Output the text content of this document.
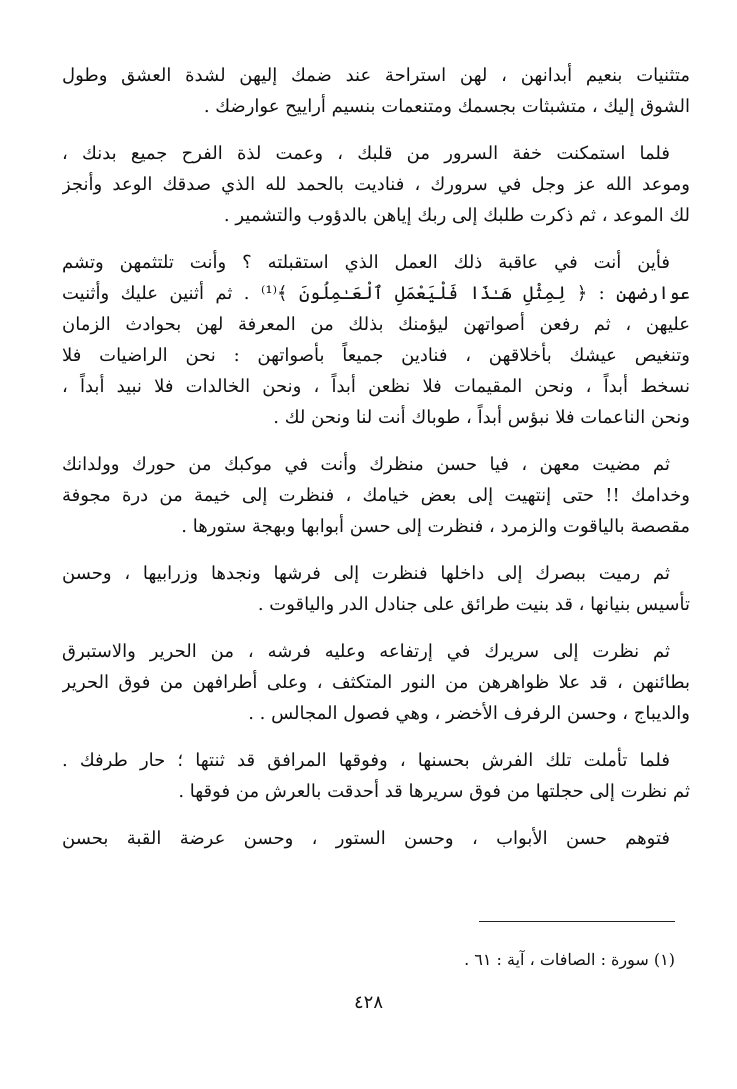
متثنيات بنعيم أبدانهن ، لهن استراحة عند ضمك إليهن لشدة العشق وطول
الشوق إليك ، متشبثات بجسمك ومتنعمات بنسيم أراييح عوارضك .
فلما استمكنت خفة السرور من قلبك ، وعمت لذة الفرح جميع بدنك ،
وموعد الله عز وجل في سرورك ، فناديت بالحمد لله الذي صدقك الوعد وأنجز
لك الموعد ، ثم ذكرت طلبك إلى ربك إياهن بالدؤوب والتشمير .
فأين أنت في عاقبة ذلك العمل الذي استقبلته ؟ وأنت تلتثمهن وتشم
عوارضهن : ﴿ لِمِثْلِ هَـٰذَا فَلْيَعْمَلِ ٱلْعَـٰمِلُونَ ﴾⁽¹⁾ . ثم أثنين عليك وأثنيت
عليهن ، ثم رفعن أصواتهن ليؤمنك بذلك من المعرفة لهن بحوادث الزمان
وتنغيص عيشك بأخلاقهن ، فنادين جميعاً بأصواتهن : نحن الراضيات فلا
نسخط أبداً ، ونحن المقيمات فلا نظعن أبداً ، ونحن الخالدات فلا نبيد أبداً ،
ونحن الناعمات فلا نبؤس أبداً ، طوباك أنت لنا ونحن لك .
ثم مضيت معهن ، فيا حسن منظرك وأنت في موكبك من حورك وولدانك
وخدامك !! حتى إنتهيت إلى بعض خيامك ، فنظرت إلى خيمة من درة مجوفة
مقصصة بالياقوت والزمرد ، فنظرت إلى حسن أبوابها وبهجة ستورها .
ثم رميت ببصرك إلى داخلها فنظرت إلى فرشها ونجدها وزرابيها ، وحسن
تأسيس بنيانها ، قد بنيت طرائق على جنادل الدر والياقوت .
ثم نظرت إلى سريرك في إرتفاعه وعليه فرشه ، من الحرير والاستبرق
بطائنهن ، قد علا ظواهرهن من النور المتكثف ، وعلى أطرافهن من فوق الحرير
والديباج ، وحسن الرفرف الأخضر ، وهي فصول المجالس . .
فلما تأملت تلك الفرش بحسنها ، وفوقها المرافق قد ثنتها ؛ حار طرفك .
ثم نظرت إلى حجلتها من فوق سريرها قد أحدقت بالعرش من فوقها .
فتوهم حسن الأبواب ، وحسن الستور ، وحسن عرضة القبة بحسن
(١) سورة : الصافات ، آية : ٦١ .
٤٢٨
